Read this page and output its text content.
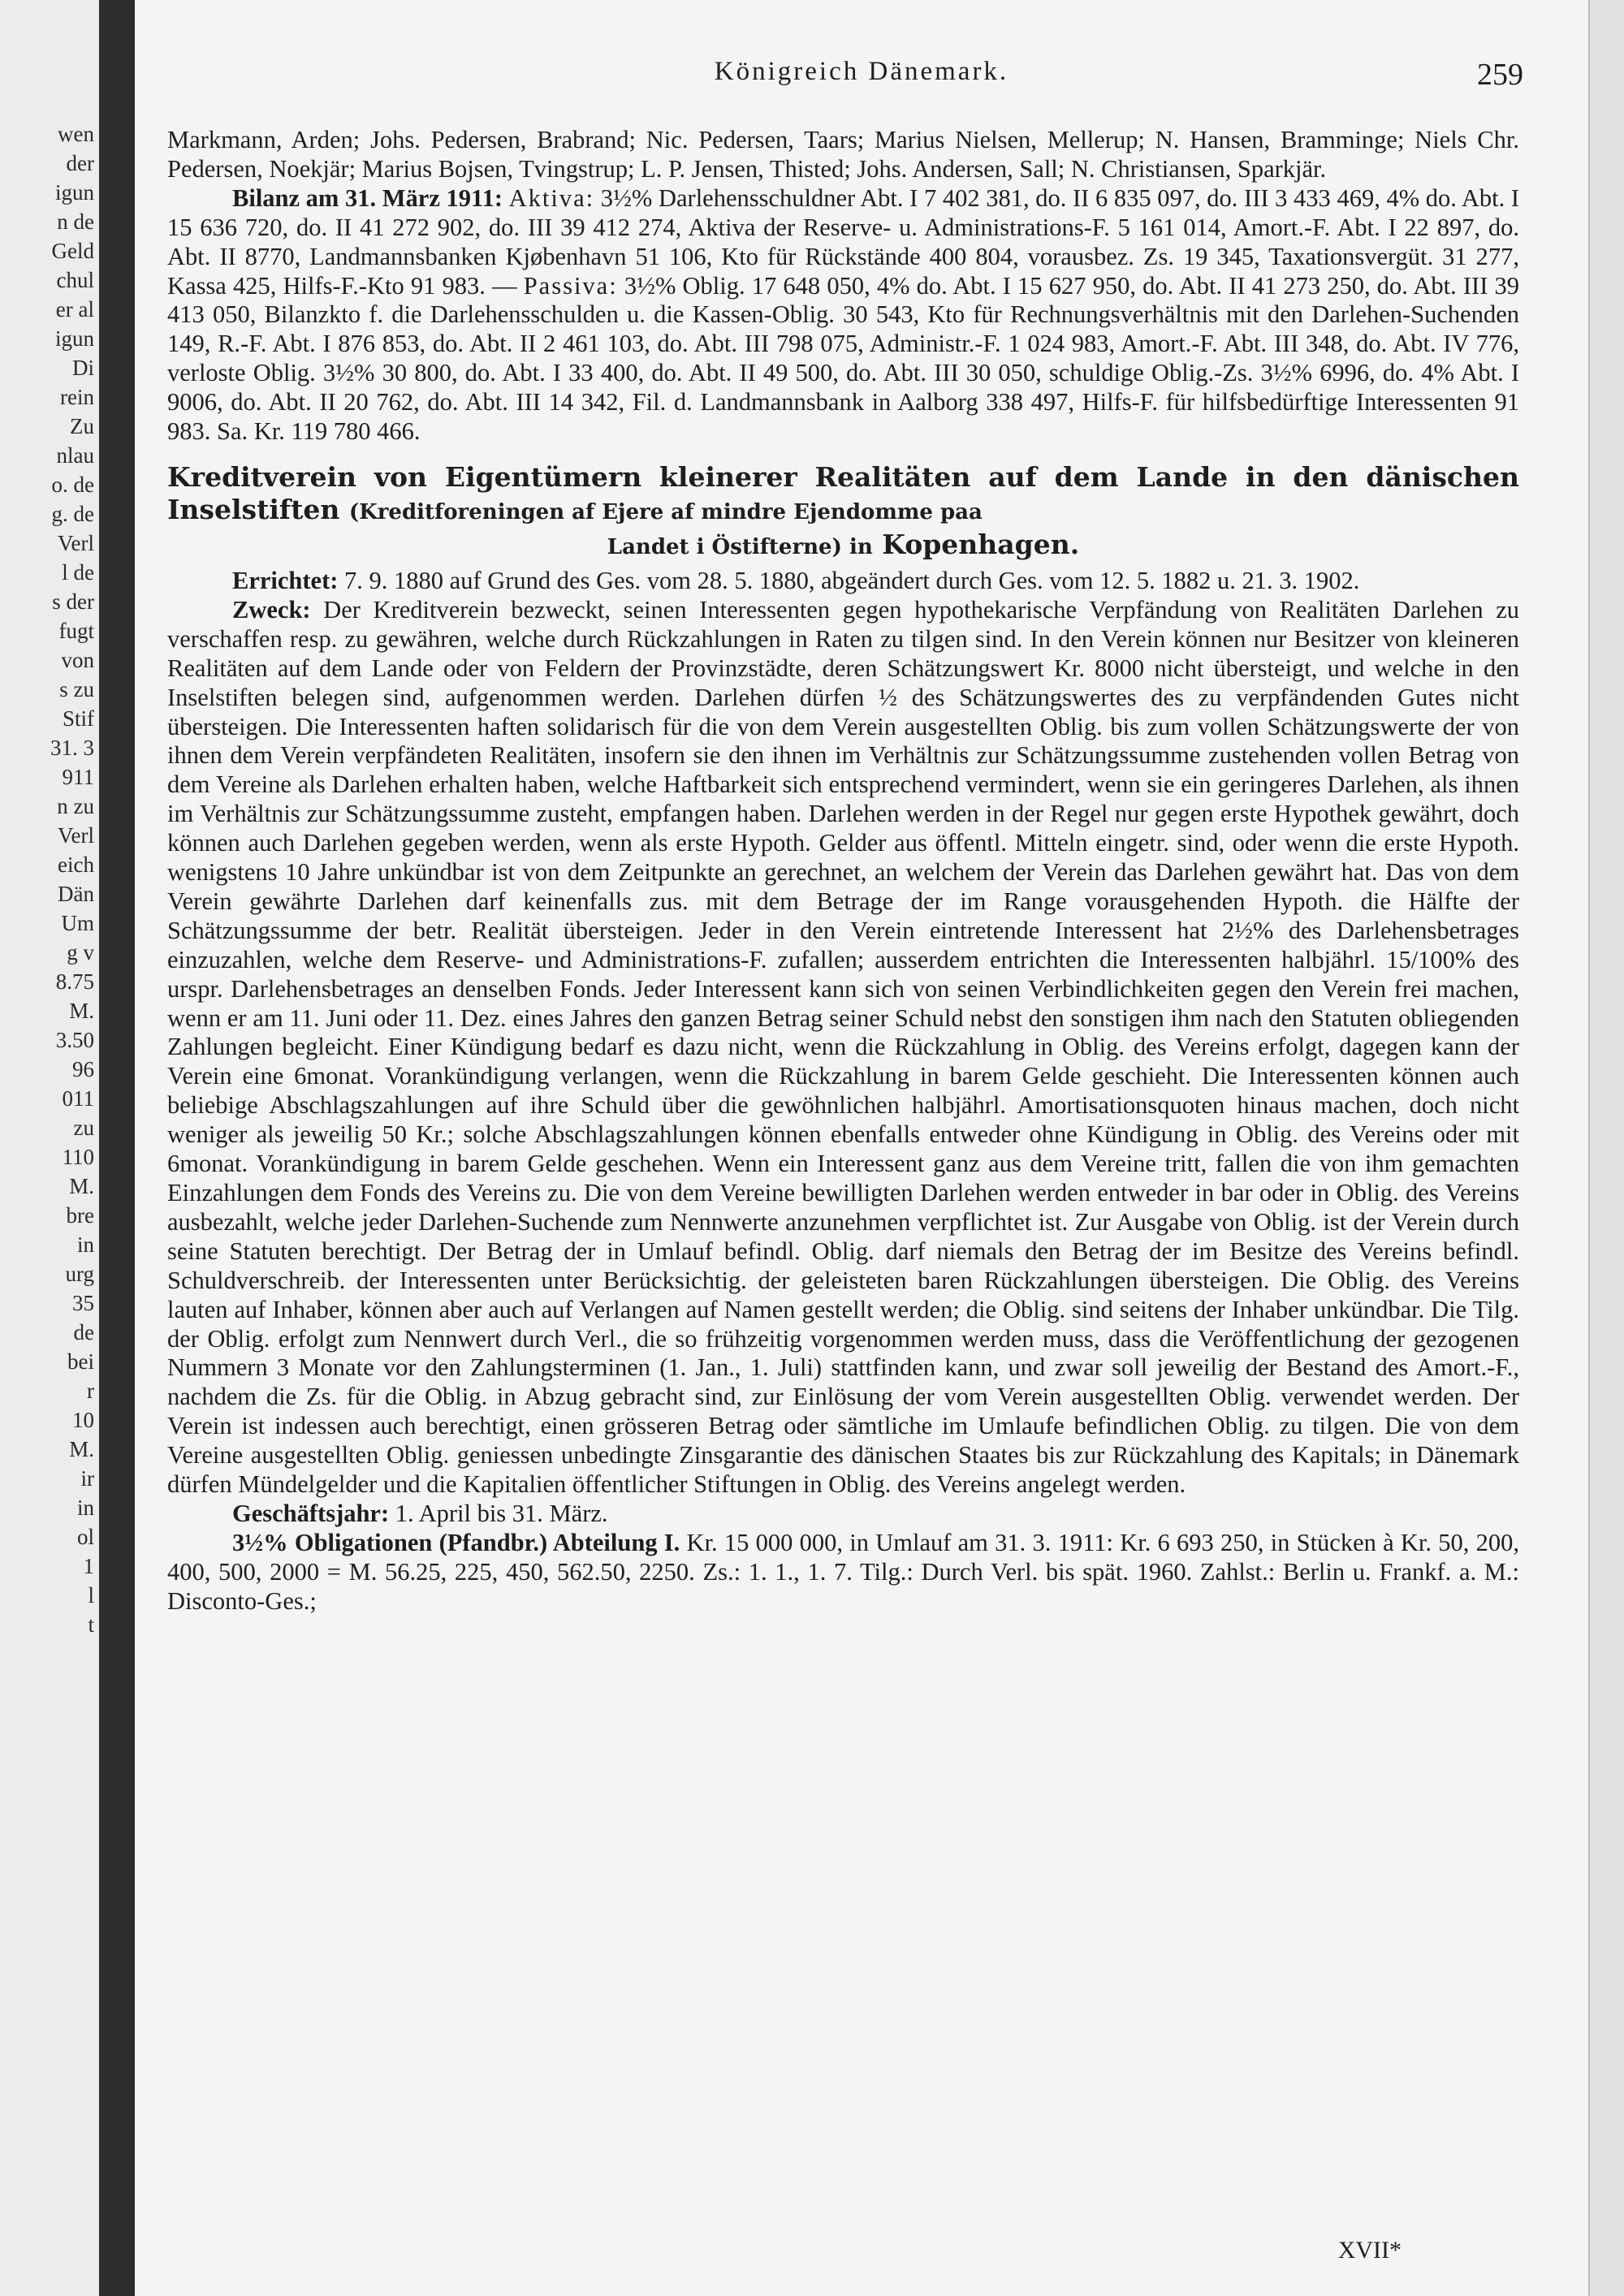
wen
der
igun
n de
Geld
chul
er al
igun
Di
rein
Zu
nlau
o. de
g. de
Verl
l de
s der
fugt
von
s zu
Stif
31. 3
911
n zu
Verl
eich
Dän
Um
g v
8.75
M.
3.50
96
011
zu
110
M.
bre
in
urg
35
de
bei
r
10
M.
ir
in
ol
1
l
t
Königreich Dänemark.	259

Markmann, Arden; Johs. Pedersen, Brabrand; Nic. Pedersen, Taars; Marius Nielsen, Mellerup; N. Hansen, Bramminge; Niels Chr. Pedersen, Noekjär; Marius Bojsen, Tvingstrup; L. P. Jensen, Thisted; Johs. Andersen, Sall; N. Christiansen, Sparkjär.

Bilanz am 31. März 1911: Aktiva: 3½% Darlehensschuldner Abt. I 7 402 381, do. II 6 835 097, do. III 3 433 469, 4% do. Abt. I 15 636 720, do. II 41 272 902, do. III 39 412 274, Aktiva der Reserve- u. Administrations-F. 5 161 014, Amort.-F. Abt. I 22 897, do. Abt. II 8770, Landmannsbanken Kjøbenhavn 51 106, Kto für Rückstände 400 804, vorausbez. Zs. 19 345, Taxationsvergüt. 31 277, Kassa 425, Hilfs-F.-Kto 91 983. — Passiva: 3½% Oblig. 17 648 050, 4% do. Abt. I 15 627 950, do. Abt. II 41 273 250, do. Abt. III 39 413 050, Bilanzkto f. die Darlehensschulden u. die Kassen-Oblig. 30 543, Kto für Rechnungsverhältnis mit den Darlehen-Suchenden 149, R.-F. Abt. I 876 853, do. Abt. II 2 461 103, do. Abt. III 798 075, Administr.-F. 1 024 983, Amort.-F. Abt. III 348, do. Abt. IV 776, verloste Oblig. 3½% 30 800, do. Abt. I 33 400, do. Abt. II 49 500, do. Abt. III 30 050, schuldige Oblig.-Zs. 3½% 6996, do. 4% Abt. I 9006, do. Abt. II 20 762, do. Abt. III 14 342, Fil. d. Landmannsbank in Aalborg 338 497, Hilfs-F. für hilfsbedürftige Interessenten 91 983. Sa. Kr. 119 780 466.

Kreditverein von Eigentümern kleinerer Realitäten auf dem Lande in den dänischen Inselstiften (Kreditforeningen af Ejere af mindre Ejendomme paa
Landet i Östifterne) in Kopenhagen.

Errichtet: 7. 9. 1880 auf Grund des Ges. vom 28. 5. 1880, abgeändert durch Ges. vom 12. 5. 1882 u. 21. 3. 1902.

Zweck: Der Kreditverein bezweckt, seinen Interessenten gegen hypothekarische Verpfändung von Realitäten Darlehen zu verschaffen resp. zu gewähren, welche durch Rückzahlungen in Raten zu tilgen sind. In den Verein können nur Besitzer von kleineren Realitäten auf dem Lande oder von Feldern der Provinzstädte, deren Schätzungswert Kr. 8000 nicht übersteigt, und welche in den Inselstiften belegen sind, aufgenommen werden. Darlehen dürfen ½ des Schätzungswertes des zu verpfändenden Gutes nicht übersteigen. Die Interessenten haften solidarisch für die von dem Verein ausgestellten Oblig. bis zum vollen Schätzungswerte der von ihnen dem Verein verpfändeten Realitäten, insofern sie den ihnen im Verhältnis zur Schätzungssumme zustehenden vollen Betrag von dem Vereine als Darlehen erhalten haben, welche Haftbarkeit sich entsprechend vermindert, wenn sie ein geringeres Darlehen, als ihnen im Verhältnis zur Schätzungssumme zusteht, empfangen haben. Darlehen werden in der Regel nur gegen erste Hypothek gewährt, doch können auch Darlehen gegeben werden, wenn als erste Hypoth. Gelder aus öffentl. Mitteln eingetr. sind, oder wenn die erste Hypoth. wenigstens 10 Jahre unkündbar ist von dem Zeitpunkte an gerechnet, an welchem der Verein das Darlehen gewährt hat. Das von dem Verein gewährte Darlehen darf keinenfalls zus. mit dem Betrage der im Range vorausgehenden Hypoth. die Hälfte der Schätzungssumme der betr. Realität übersteigen. Jeder in den Verein eintretende Interessent hat 2½% des Darlehensbetrages einzuzahlen, welche dem Reserve- und Administrations-F. zufallen; ausserdem entrichten die Interessenten halbjährl. 15/100% des urspr. Darlehensbetrages an denselben Fonds. Jeder Interessent kann sich von seinen Verbindlichkeiten gegen den Verein frei machen, wenn er am 11. Juni oder 11. Dez. eines Jahres den ganzen Betrag seiner Schuld nebst den sonstigen ihm nach den Statuten obliegenden Zahlungen begleicht. Einer Kündigung bedarf es dazu nicht, wenn die Rückzahlung in Oblig. des Vereins erfolgt, dagegen kann der Verein eine 6monat. Vorankündigung verlangen, wenn die Rückzahlung in barem Gelde geschieht. Die Interessenten können auch beliebige Abschlagszahlungen auf ihre Schuld über die gewöhnlichen halbjährl. Amortisationsquoten hinaus machen, doch nicht weniger als jeweilig 50 Kr.; solche Abschlagszahlungen können ebenfalls entweder ohne Kündigung in Oblig. des Vereins oder mit 6monat. Vorankündigung in barem Gelde geschehen. Wenn ein Interessent ganz aus dem Vereine tritt, fallen die von ihm gemachten Einzahlungen dem Fonds des Vereins zu. Die von dem Vereine bewilligten Darlehen werden entweder in bar oder in Oblig. des Vereins ausbezahlt, welche jeder Darlehen-Suchende zum Nennwerte anzunehmen verpflichtet ist. Zur Ausgabe von Oblig. ist der Verein durch seine Statuten berechtigt. Der Betrag der in Umlauf befindl. Oblig. darf niemals den Betrag der im Besitze des Vereins befindl. Schuldverschreib. der Interessenten unter Berücksichtig. der geleisteten baren Rückzahlungen übersteigen. Die Oblig. des Vereins lauten auf Inhaber, können aber auch auf Verlangen auf Namen gestellt werden; die Oblig. sind seitens der Inhaber unkündbar. Die Tilg. der Oblig. erfolgt zum Nennwert durch Verl., die so frühzeitig vorgenommen werden muss, dass die Veröffentlichung der gezogenen Nummern 3 Monate vor den Zahlungsterminen (1. Jan., 1. Juli) stattfinden kann, und zwar soll jeweilig der Bestand des Amort.-F., nachdem die Zs. für die Oblig. in Abzug gebracht sind, zur Einlösung der vom Verein ausgestellten Oblig. verwendet werden. Der Verein ist indessen auch berechtigt, einen grösseren Betrag oder sämtliche im Umlaufe befindlichen Oblig. zu tilgen. Die von dem Vereine ausgestellten Oblig. geniessen unbedingte Zinsgarantie des dänischen Staates bis zur Rückzahlung des Kapitals; in Dänemark dürfen Mündelgelder und die Kapitalien öffentlicher Stiftungen in Oblig. des Vereins angelegt werden.

Geschäftsjahr: 1. April bis 31. März.

3½% Obligationen (Pfandbr.) Abteilung I. Kr. 15 000 000, in Umlauf am 31. 3. 1911: Kr. 6 693 250, in Stücken à Kr. 50, 200, 400, 500, 2000 = M. 56.25, 225, 450, 562.50, 2250. Zs.: 1. 1., 1. 7. Tilg.: Durch Verl. bis spät. 1960. Zahlst.: Berlin u. Frankf. a. M.: Disconto-Ges.;

XVII*
